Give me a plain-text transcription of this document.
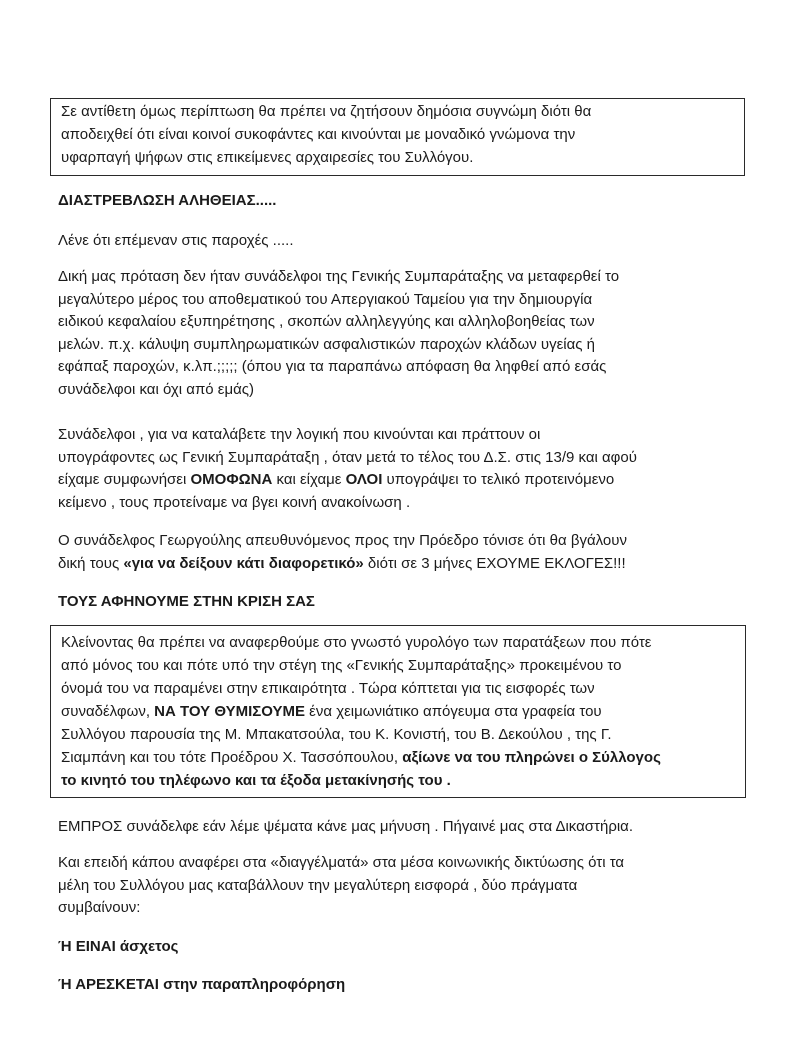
Σε αντίθετη όμως περίπτωση θα πρέπει να ζητήσουν δημόσια συγνώμη διότι θα
αποδειχθεί ότι είναι κοινοί συκοφάντες και κινούνται με μοναδικό γνώμονα την
υφαρπαγή ψήφων στις επικείμενες αρχαιρεσίες του Συλλόγου.
ΔΙΑΣΤΡΕΒΛΩΣΗ ΑΛΗΘΕΙΑΣ.....
Λένε ότι επέμεναν στις παροχές .....
Δική μας πρόταση δεν ήταν συνάδελφοι της Γενικής Συμπαράταξης να μεταφερθεί το
μεγαλύτερο μέρος του αποθεματικού του Απεργιακού Ταμείου για την δημιουργία
ειδικού κεφαλαίου εξυπηρέτησης , σκοπών αλληλεγγύης και αλληλοβοηθείας των
μελών. π.χ. κάλυψη συμπληρωματικών ασφαλιστικών παροχών κλάδων υγείας ή
εφάπαξ παροχών, κ.λπ.;;;;; (όπου για τα παραπάνω απόφαση θα ληφθεί από εσάς
συνάδελφοι και όχι από εμάς)
Συνάδελφοι , για να καταλάβετε την λογική που κινούνται και πράττουν οι
υπογράφοντες ως Γενική Συμπαράταξη , όταν μετά το τέλος του Δ.Σ. στις 13/9 και αφού
είχαμε συμφωνήσει ΟΜΟΦΩΝΑ και είχαμε ΟΛΟΙ υπογράψει το τελικό προτεινόμενο
κείμενο , τους προτείναμε να βγει κοινή ανακοίνωση .
Ο συνάδελφος Γεωργούλης απευθυνόμενος προς την Πρόεδρο τόνισε ότι θα βγάλουν
δική τους «για να δείξουν κάτι διαφορετικό» διότι σε 3 μήνες ΕΧΟΥΜΕ ΕΚΛΟΓΕΣ!!!
ΤΟΥΣ ΑΦΗΝΟΥΜΕ ΣΤΗΝ ΚΡΙΣΗ ΣΑΣ
Κλείνοντας θα πρέπει να αναφερθούμε στο γνωστό γυρολόγο των παρατάξεων που πότε
από μόνος του και πότε υπό την στέγη της «Γενικής Συμπαράταξης» προκειμένου το
όνομά του να παραμένει στην επικαιρότητα . Τώρα κόπτεται για τις εισφορές των
συναδέλφων, ΝΑ ΤΟΥ ΘΥΜΙΣΟΥΜΕ ένα χειμωνιάτικο απόγευμα στα γραφεία του
Συλλόγου παρουσία της Μ. Μπακατσούλα, του Κ. Κονιστή, του Β. Δεκούλου , της Γ.
Σιαμπάνη και του τότε Προέδρου Χ. Τασσόπουλου, αξίωνε να του πληρώνει ο Σύλλογος
το κινητό του τηλέφωνο και τα έξοδα μετακίνησής του .
ΕΜΠΡΟΣ συνάδελφε εάν λέμε ψέματα κάνε μας μήνυση . Πήγαινέ μας στα Δικαστήρια.
Και επειδή κάπου αναφέρει στα «διαγγέλματά» στα μέσα κοινωνικής δικτύωσης ότι τα
μέλη του Συλλόγου μας καταβάλλουν την μεγαλύτερη εισφορά , δύο πράγματα
συμβαίνουν:
Ή ΕΙΝΑΙ άσχετος
Ή ΑΡΕΣΚΕΤΑΙ στην παραπληροφόρηση
